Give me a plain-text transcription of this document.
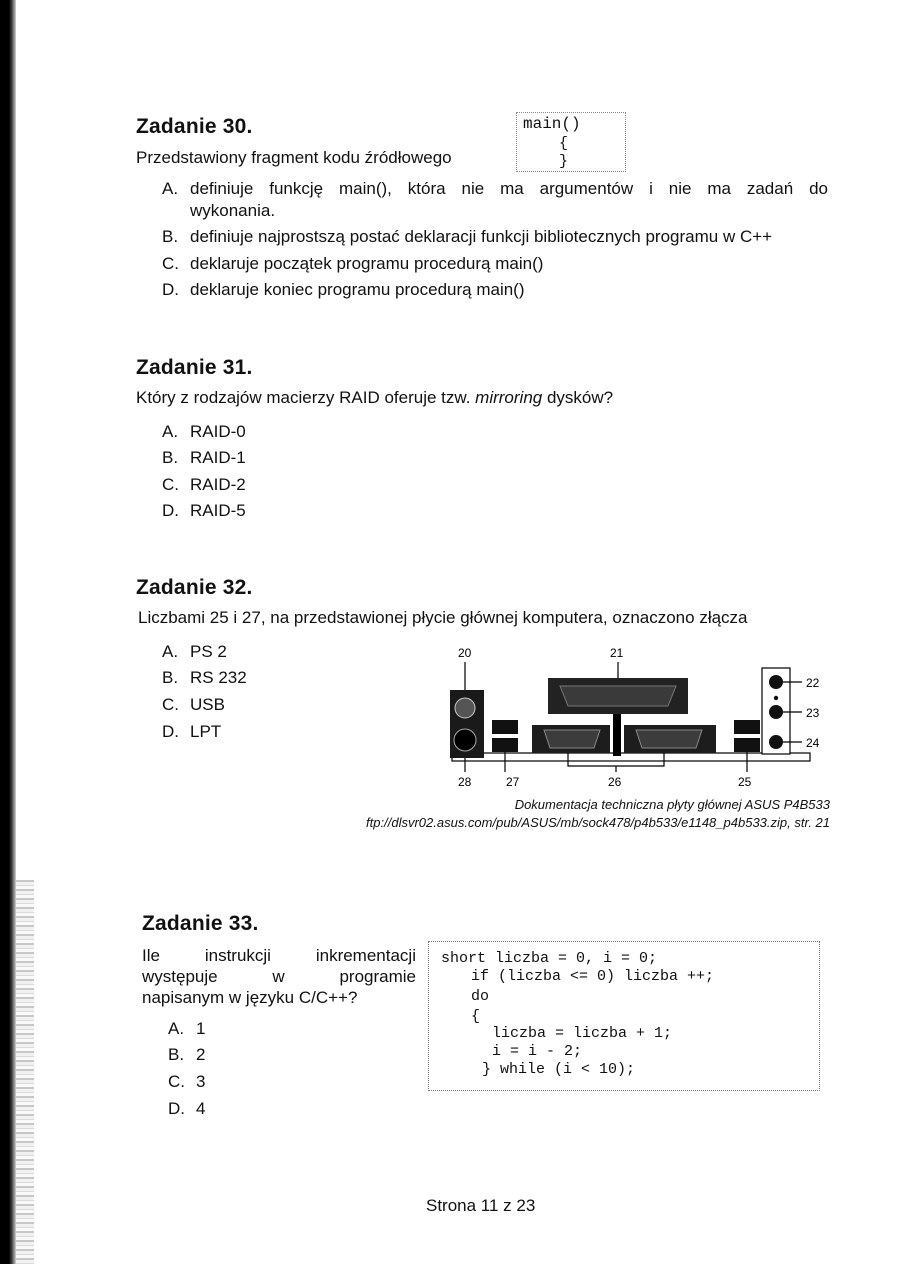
Zadanie 30.
Przedstawiony fragment kodu źródłowego
main()
{
}
A. definiuje funkcję main(), która nie ma argumentów i nie ma zadań do
wykonania.
B. definiuje najprostszą postać deklaracji funkcji bibliotecznych programu w C++
C. deklaruje początek programu procedurą main()
D. deklaruje koniec programu procedurą main()
Zadanie 31.
Który z rodzajów macierzy RAID oferuje tzw. mirroring dysków?
A. RAID-0
B. RAID-1
C. RAID-2
D. RAID-5
Zadanie 32.
Liczbami 25 i 27, na przedstawionej płycie głównej komputera, oznaczono złącza
A. PS 2
B. RS 232
C. USB
D. LPT
20	21
22
23
24
28	27	26	25
Dokumentacja techniczna płyty głównej ASUS P4B533
ftp://dlsvr02.asus.com/pub/ASUS/mb/sock478/p4b533/e1148_p4b533.zip, str. 21
Zadanie 33.
Ile instrukcji inkrementacji
występuje w programie
napisanym w języku C/C++?
A. 1
B. 2
C. 3
D. 4
short liczba = 0, i = 0;
if (liczba <= 0) liczba ++;
do
{
liczba = liczba + 1;
i = i - 2;
} while (i < 10);
Strona 11 z 23
